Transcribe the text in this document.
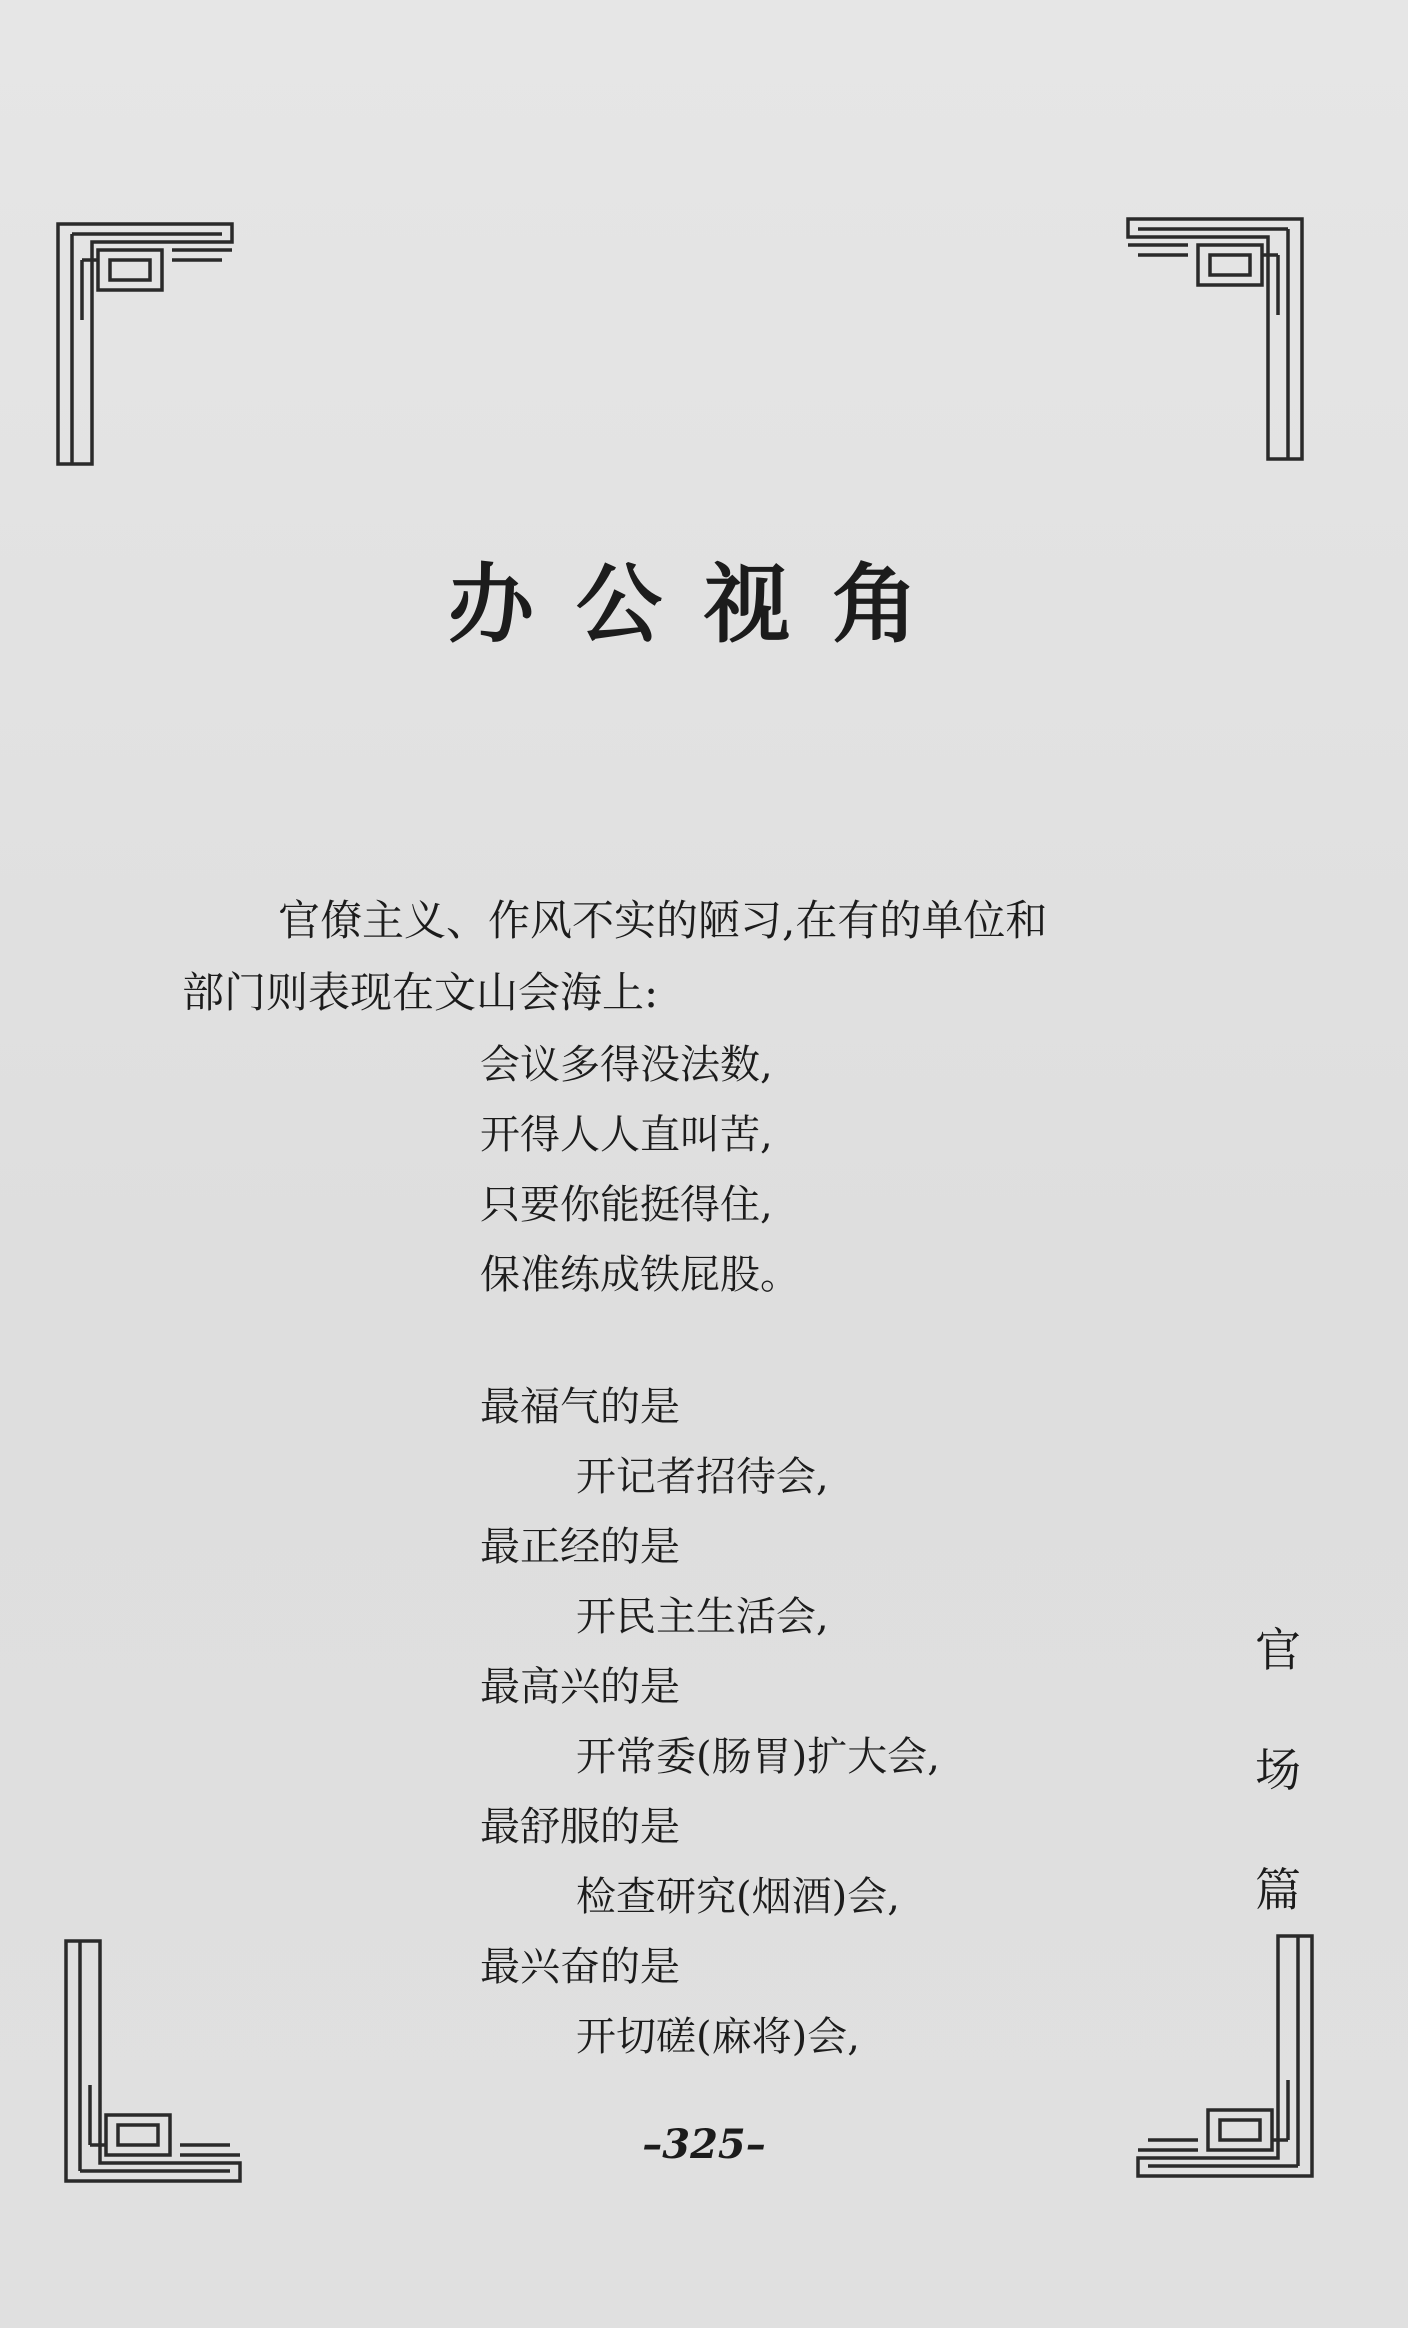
办公视角

官僚主义、作风不实的陋习,在有的单位和

部门则表现在文山会海上:

会议多得没法数,
开得人人直叫苦,
只要你能挺得住,
保准练成铁屁股。
最福气的是
开记者招待会,
最正经的是
开民主生活会,
最高兴的是
开常委(肠胃)扩大会,
最舒服的是
检查研究(烟酒)会,
最兴奋的是
开切磋(麻将)会,
官场篇
–325–
